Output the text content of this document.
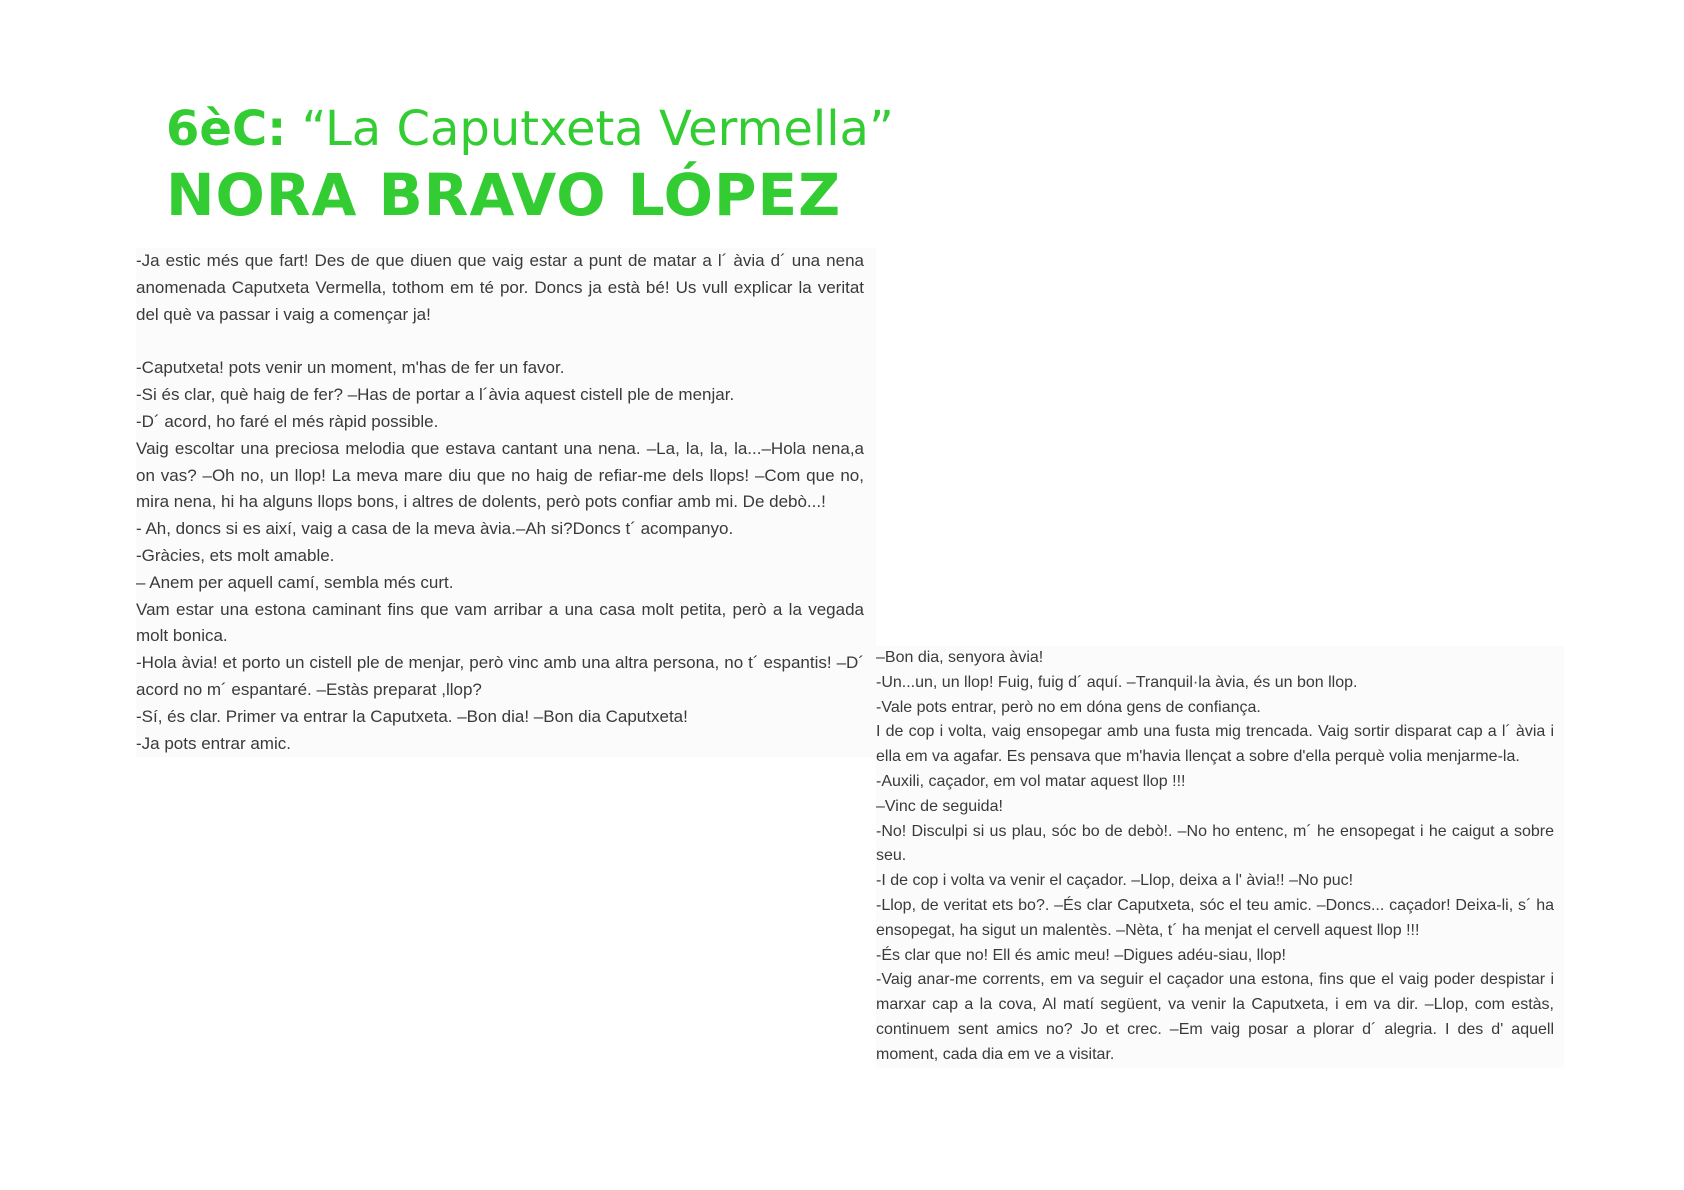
6èC: “La Caputxeta Vermella”
NORA BRAVO LÓPEZ

-Ja estic més que fart! Des de que diuen que vaig estar a punt de matar a l´ àvia d´ una nena anomenada Caputxeta Vermella, tothom em té por. Doncs ja està bé! Us vull explicar la veritat del què va passar i vaig a començar ja!

-Caputxeta! pots venir un moment, m'has de fer un favor.

-Si és clar, què haig de fer? –Has de portar a l´àvia aquest cistell ple de menjar.

-D´ acord, ho faré el més ràpid possible.

Vaig escoltar una preciosa melodia que estava cantant una nena. –La, la, la, la...–Hola nena,a on vas? –Oh no, un llop! La meva mare diu que no haig de refiar-me dels llops! –Com que no, mira nena, hi ha alguns llops bons, i altres de dolents, però pots confiar amb mi. De debò...!

- Ah, doncs si es així, vaig a casa de la meva àvia.–Ah si?Doncs t´ acompanyo.

-Gràcies, ets molt amable.

– Anem per aquell camí, sembla més curt.

Vam estar una estona caminant fins que vam arribar a una casa molt petita, però a la vegada molt bonica.

-Hola àvia! et porto un cistell ple de menjar, però vinc amb una altra persona, no t´ espantis! –D´ acord no m´ espantaré. –Estàs preparat ,llop?

-Sí, és clar. Primer va entrar la Caputxeta. –Bon dia! –Bon dia Caputxeta!

-Ja pots entrar amic.

–Bon dia, senyora àvia!

-Un...un, un llop! Fuig, fuig d´ aquí. –Tranquil·la àvia, és un bon llop.

-Vale pots entrar, però no em dóna gens de confiança.

I de cop i volta, vaig ensopegar amb una fusta mig trencada. Vaig sortir disparat cap a l´ àvia i ella em va agafar. Es pensava que m'havia llençat a sobre d'ella perquè volia menjarme-la.

-Auxili, caçador, em vol matar aquest llop !!!

–Vinc de seguida!

-No! Disculpi si us plau, sóc bo de debò!. –No ho entenc, m´ he ensopegat i he caigut a sobre seu.

-I de cop i volta va venir el caçador. –Llop, deixa a l' àvia!! –No puc!

-Llop, de veritat ets bo?. –És clar Caputxeta, sóc el teu amic. –Doncs... caçador! Deixa-li, s´ ha ensopegat, ha sigut un malentès. –Nèta, t´ ha menjat el cervell aquest llop !!!

-És clar que no! Ell és amic meu! –Digues adéu-siau, llop!

-Vaig anar-me corrents, em va seguir el caçador una estona, fins que el vaig poder despistar i marxar cap a la cova, Al matí següent, va venir la Caputxeta, i em va dir. –Llop, com estàs, continuem sent amics no? Jo et crec. –Em vaig posar a plorar d´ alegria. I des d' aquell moment, cada dia em ve a visitar.
